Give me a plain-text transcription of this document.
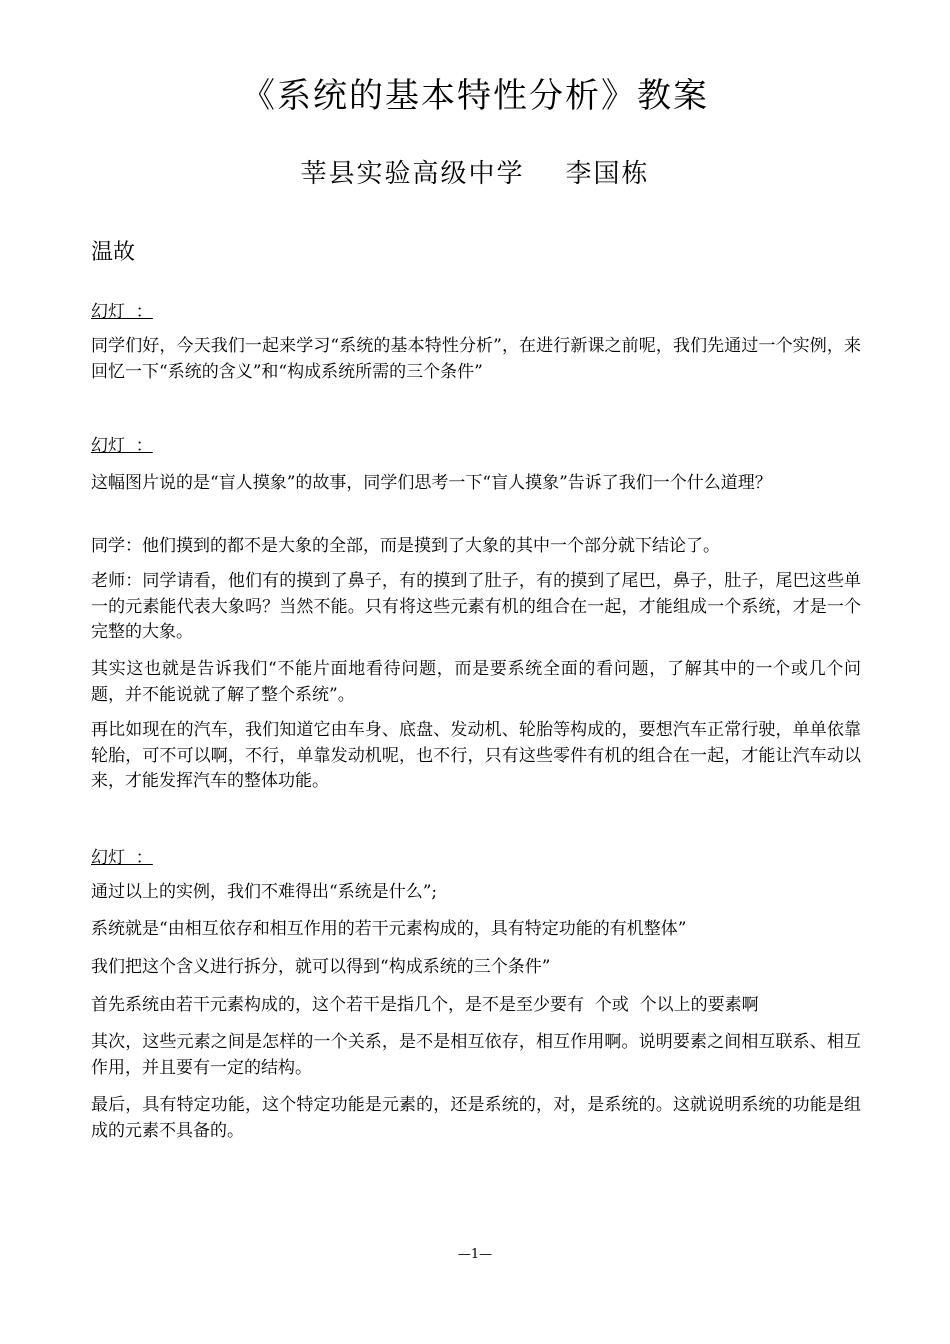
《系统的基本特性分析》教案
莘县实验高级中学    李国栋
温故

幻灯  ：

同学们好，今天我们一起来学习“系统的基本特性分析”，在进行新课之前呢，我们先通过一个实例，来回忆一下“系统的含义”和“构成系统所需的三个条件”

幻灯  ：

这幅图片说的是“盲人摸象”的故事，同学们思考一下“盲人摸象”告诉了我们一个什么道理？

同学：他们摸到的都不是大象的全部，而是摸到了大象的其中一个部分就下结论了。

老师：同学请看，他们有的摸到了鼻子，有的摸到了肚子，有的摸到了尾巴，鼻子，肚子，尾巴这些单一的元素能代表大象吗？当然不能。只有将这些元素有机的组合在一起，才能组成一个系统，才是一个完整的大象。

其实这也就是告诉我们“不能片面地看待问题，而是要系统全面的看问题，了解其中的一个或几个问题，并不能说就了解了整个系统”。

再比如现在的汽车，我们知道它由车身、底盘、发动机、轮胎等构成的，要想汽车正常行驶，单单依靠轮胎，可不可以啊，不行，单靠发动机呢，也不行，只有这些零件有机的组合在一起，才能让汽车动以来，才能发挥汽车的整体功能。

幻灯  ：

通过以上的实例，我们不难得出“系统是什么”;

系统就是“由相互依存和相互作用的若干元素构成的，具有特定功能的有机整体”

我们把这个含义进行拆分，就可以得到“构成系统的三个条件”

首先系统由若干元素构成的，这个若干是指几个，是不是至少要有  个或  个以上的要素啊

其次，这些元素之间是怎样的一个关系，是不是相互依存，相互作用啊。说明要素之间相互联系、相互作用，并且要有一定的结构。

最后，具有特定功能，这个特定功能是元素的，还是系统的，对，是系统的。这就说明系统的功能是组成的元素不具备的。

—1—
